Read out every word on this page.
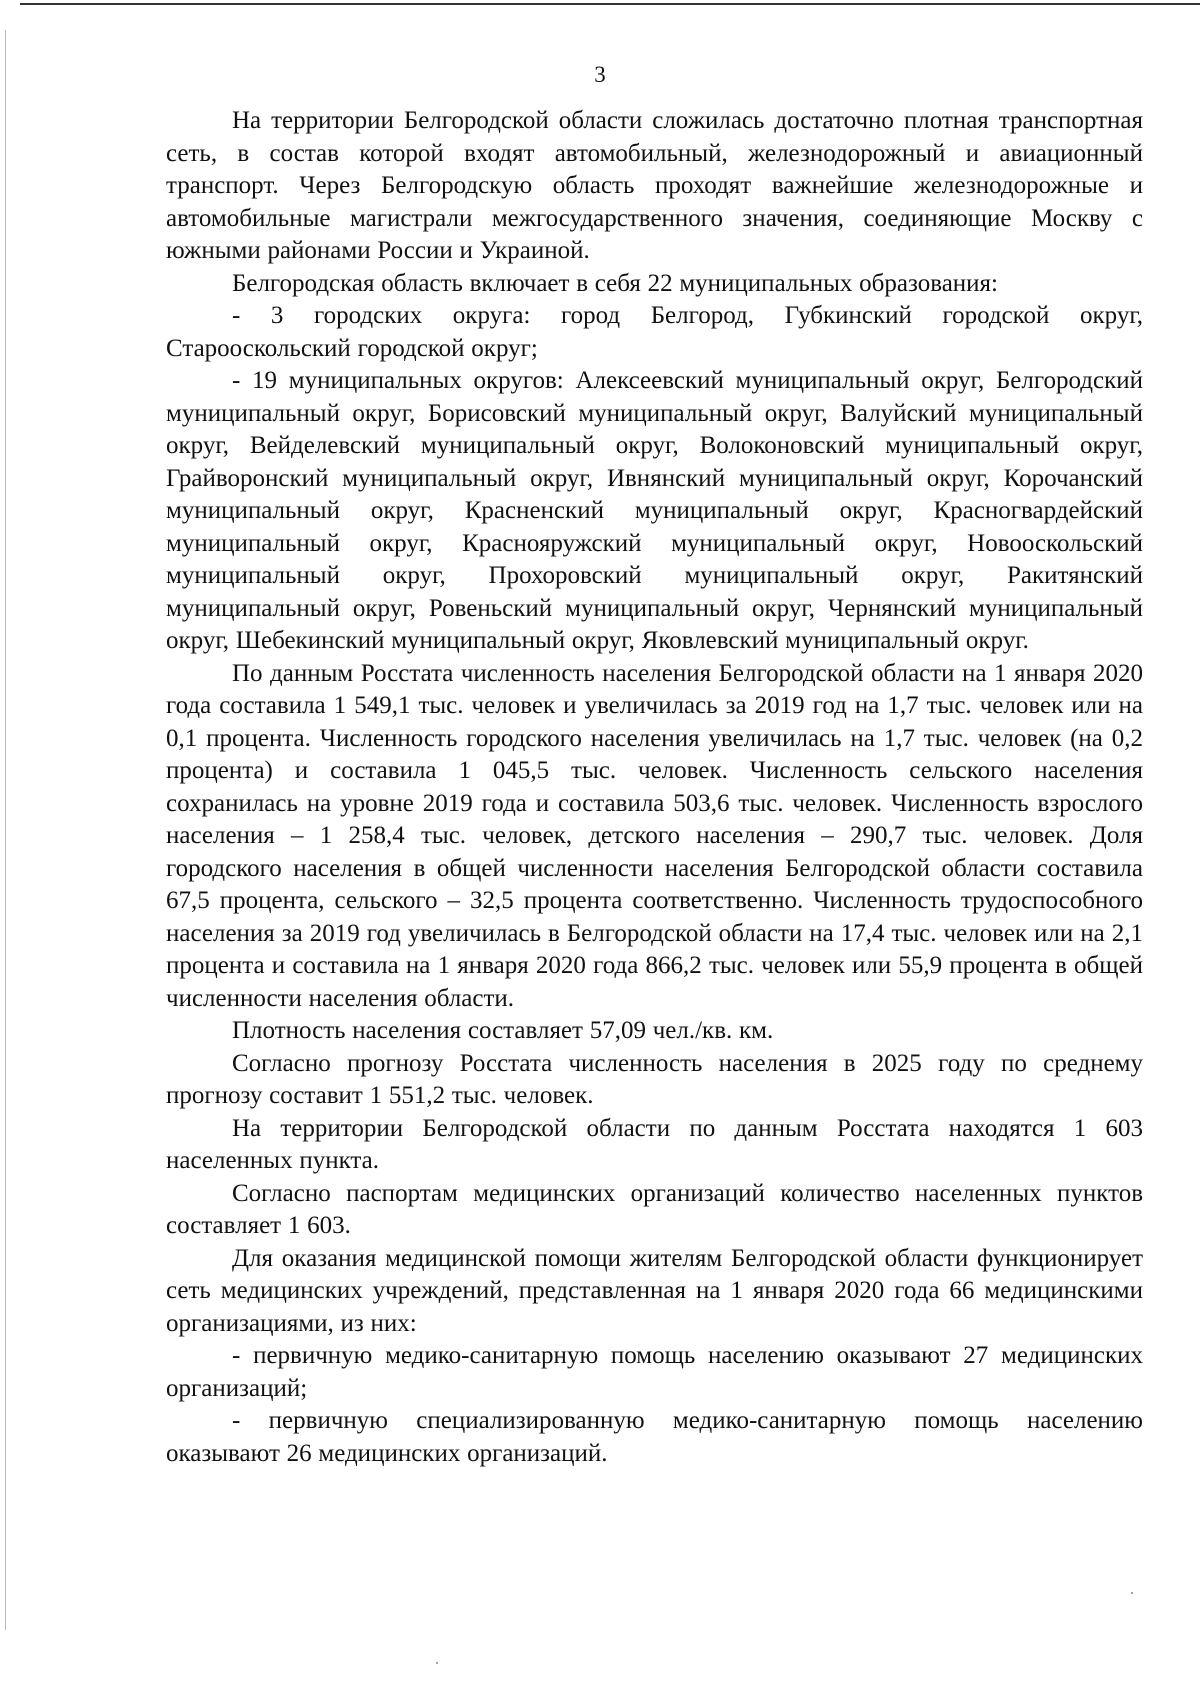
3

На территории Белгородской области сложилась достаточно плотная транспортная сеть, в состав которой входят автомобильный, железнодорожный и авиационный транспорт. Через Белгородскую область проходят важнейшие железнодорожные и автомобильные магистрали межгосударственного значения, соединяющие Москву с южными районами России и Украиной.

Белгородская область включает в себя 22 муниципальных образования:

- 3 городских округа: город Белгород, Губкинский городской округ, Старооскольский городской округ;

- 19 муниципальных округов: Алексеевский муниципальный округ, Белгородский муниципальный округ, Борисовский муниципальный округ, Валуйский муниципальный округ, Вейделевский муниципальный округ, Волоконовский муниципальный округ, Грайворонский муниципальный округ, Ивнянский муниципальный округ, Корочанский муниципальный округ, Красненский муниципальный округ, Красногвардейский муниципальный округ, Краснояружский муниципальный округ, Новооскольский муниципальный округ, Прохоровский муниципальный округ, Ракитянский муниципальный округ, Ровеньский муниципальный округ, Чернянский муниципальный округ, Шебекинский муниципальный округ, Яковлевский муниципальный округ.

По данным Росстата численность населения Белгородской области на 1 января 2020 года составила 1 549,1 тыс. человек и увеличилась за 2019 год на 1,7 тыс. человек или на 0,1 процента. Численность городского населения увеличилась на 1,7 тыс. человек (на 0,2 процента) и составила 1 045,5 тыс. человек. Численность сельского населения сохранилась на уровне 2019 года и составила 503,6 тыс. человек. Численность взрослого населения – 1 258,4 тыс. человек, детского населения – 290,7 тыс. человек. Доля городского населения в общей численности населения Белгородской области составила 67,5 процента, сельского – 32,5 процента соответственно. Численность трудоспособного населения за 2019 год увеличилась в Белгородской области на 17,4 тыс. человек или на 2,1 процента и составила на 1 января 2020 года 866,2 тыс. человек или 55,9 процента в общей численности населения области.

Плотность населения составляет 57,09 чел./кв. км.

Согласно прогнозу Росстата численность населения в 2025 году по среднему прогнозу составит 1 551,2 тыс. человек.

На территории Белгородской области по данным Росстата находятся 1 603 населенных пункта.

Согласно паспортам медицинских организаций количество населенных пунктов составляет 1 603.

Для оказания медицинской помощи жителям Белгородской области функционирует сеть медицинских учреждений, представленная на 1 января 2020 года 66 медицинскими организациями, из них:

- первичную медико-санитарную помощь населению оказывают 27 медицинских организаций;

- первичную специализированную медико-санитарную помощь населению оказывают 26 медицинских организаций.
